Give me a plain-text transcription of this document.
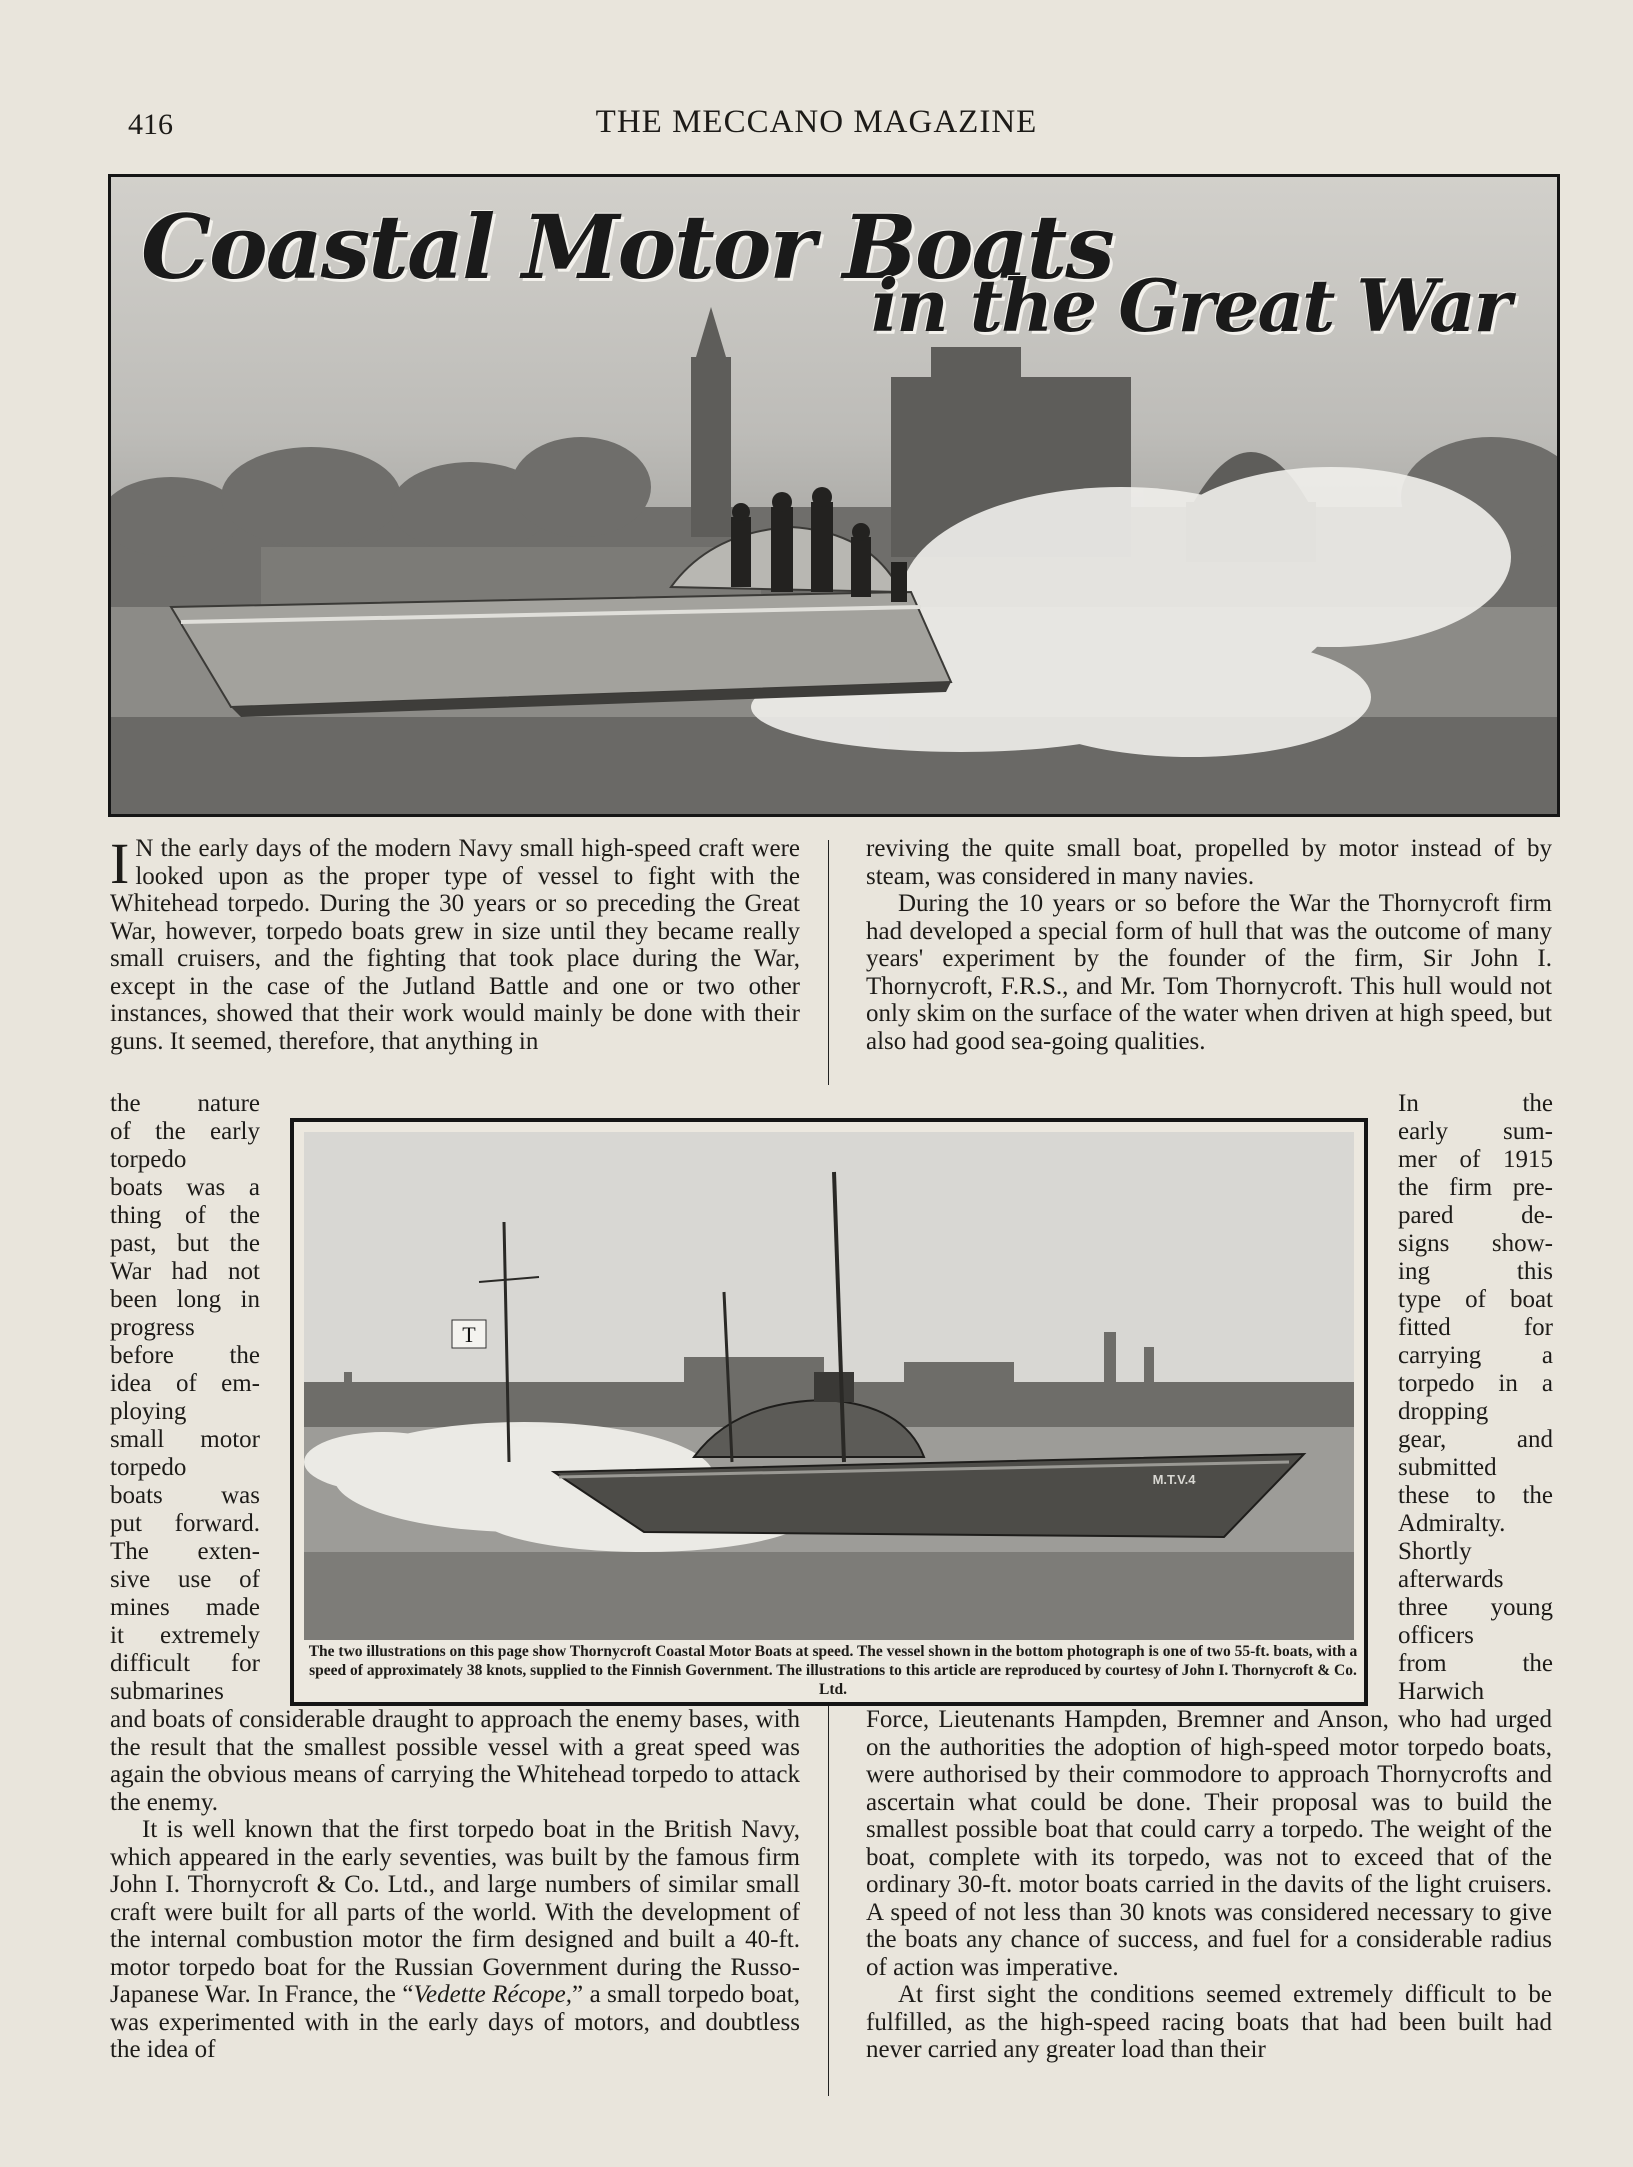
416	THE MECCANO MAGAZINE
Coastal Motor Boats
in the Great War

I N the early days of the modern Navy small high-speed craft were looked upon as the proper type of vessel to fight with the Whitehead torpedo. During the 30 years or so preceding the Great War, however, torpedo boats grew in size until they became really small cruisers, and the fighting that took place during the War, except in the case of the Jutland Battle and one or two other instances, showed that their work would mainly be done with their guns. It seemed, therefore, that anything in

reviving the quite small boat, propelled by motor instead of by steam, was considered in many navies.

During the 10 years or so before the War the Thornycroft firm had developed a special form of hull that was the outcome of many years' experiment by the founder of the firm, Sir John I. Thornycroft, F.R.S., and Mr. Tom Thornycroft. This hull would not only skim on the surface of the water when driven at high speed, but also had good sea-going qualities.

the nature
of the early
torpedo
boats was a
thing of the
past, but the
War had not
been long in
progress
before the
idea of em-
ploying
small motor
torpedo
boats was
put forward.
The exten-
sive use of
mines made
it extremely
difficult for
submarines
T
M.T.V.4
The two illustrations on this page show Thornycroft Coastal Motor Boats at speed. The vessel shown in the bottom photograph is one of two 55-ft. boats, with a speed of approximately 38 knots, supplied to the Finnish Government. The illustrations to this article are reproduced by courtesy of John I. Thornycroft & Co. Ltd.
In the
early sum-
mer of 1915
the firm pre-
pared de-
signs show-
ing this
type of boat
fitted for
carrying a
torpedo in a
dropping
gear, and
submitted
these to the
Admiralty.
Shortly
afterwards
three young
officers
from the
Harwich

and boats of considerable draught to approach the enemy bases, with the result that the smallest possible vessel with a great speed was again the obvious means of carrying the Whitehead torpedo to attack the enemy.

It is well known that the first torpedo boat in the British Navy, which appeared in the early seventies, was built by the famous firm John I. Thornycroft & Co. Ltd., and large numbers of similar small craft were built for all parts of the world. With the development of the internal combustion motor the firm designed and built a 40-ft. motor torpedo boat for the Russian Government during the Russo-Japanese War. In France, the “Vedette Récope,” a small torpedo boat, was experimented with in the early days of motors, and doubtless the idea of

Force, Lieutenants Hampden, Bremner and Anson, who had urged on the authorities the adoption of high-speed motor torpedo boats, were authorised by their commodore to approach Thornycrofts and ascertain what could be done. Their proposal was to build the smallest possible boat that could carry a torpedo. The weight of the boat, complete with its torpedo, was not to exceed that of the ordinary 30-ft. motor boats carried in the davits of the light cruisers. A speed of not less than 30 knots was considered necessary to give the boats any chance of success, and fuel for a considerable radius of action was imperative.

At first sight the conditions seemed extremely difficult to be fulfilled, as the high-speed racing boats that had been built had never carried any greater load than their
